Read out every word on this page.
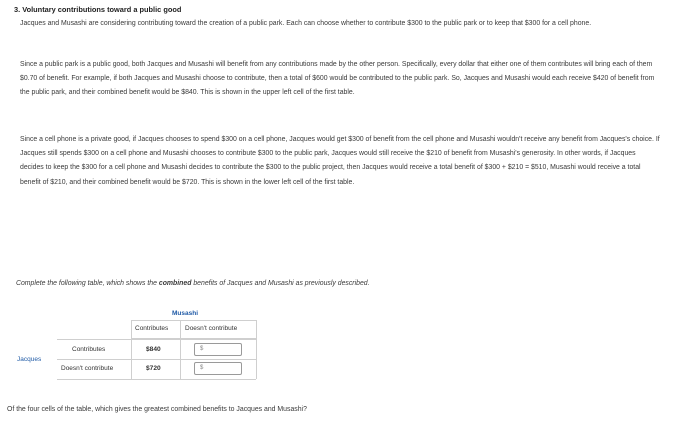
3. Voluntary contributions toward a public good
Jacques and Musashi are considering contributing toward the creation of a public park. Each can choose whether to contribute $300 to the public park or to keep that $300 for a cell phone.
Since a public park is a public good, both Jacques and Musashi will benefit from any contributions made by the other person. Specifically, every dollar that either one of them contributes will bring each of them $0.70 of benefit. For example, if both Jacques and Musashi choose to contribute, then a total of $600 would be contributed to the public park. So, Jacques and Musashi would each receive $420 of benefit from the public park, and their combined benefit would be $840. This is shown in the upper left cell of the first table.
Since a cell phone is a private good, if Jacques chooses to spend $300 on a cell phone, Jacques would get $300 of benefit from the cell phone and Musashi wouldn't receive any benefit from Jacques's choice. If Jacques still spends $300 on a cell phone and Musashi chooses to contribute $300 to the public park, Jacques would still receive the $210 of benefit from Musashi's generosity. In other words, if Jacques decides to keep the $300 for a cell phone and Musashi decides to contribute the $300 to the public project, then Jacques would receive a total benefit of $300 + $210 = $510, Musashi would receive a total benefit of $210, and their combined benefit would be $720. This is shown in the lower left cell of the first table.
Complete the following table, which shows the combined benefits of Jacques and Musashi as previously described.
Musashi
Jacques
Contributes	Doesn't contribute
Contributes
Doesn't contribute
$840
$720
$
$
Of the four cells of the table, which gives the greatest combined benefits to Jacques and Musashi?
